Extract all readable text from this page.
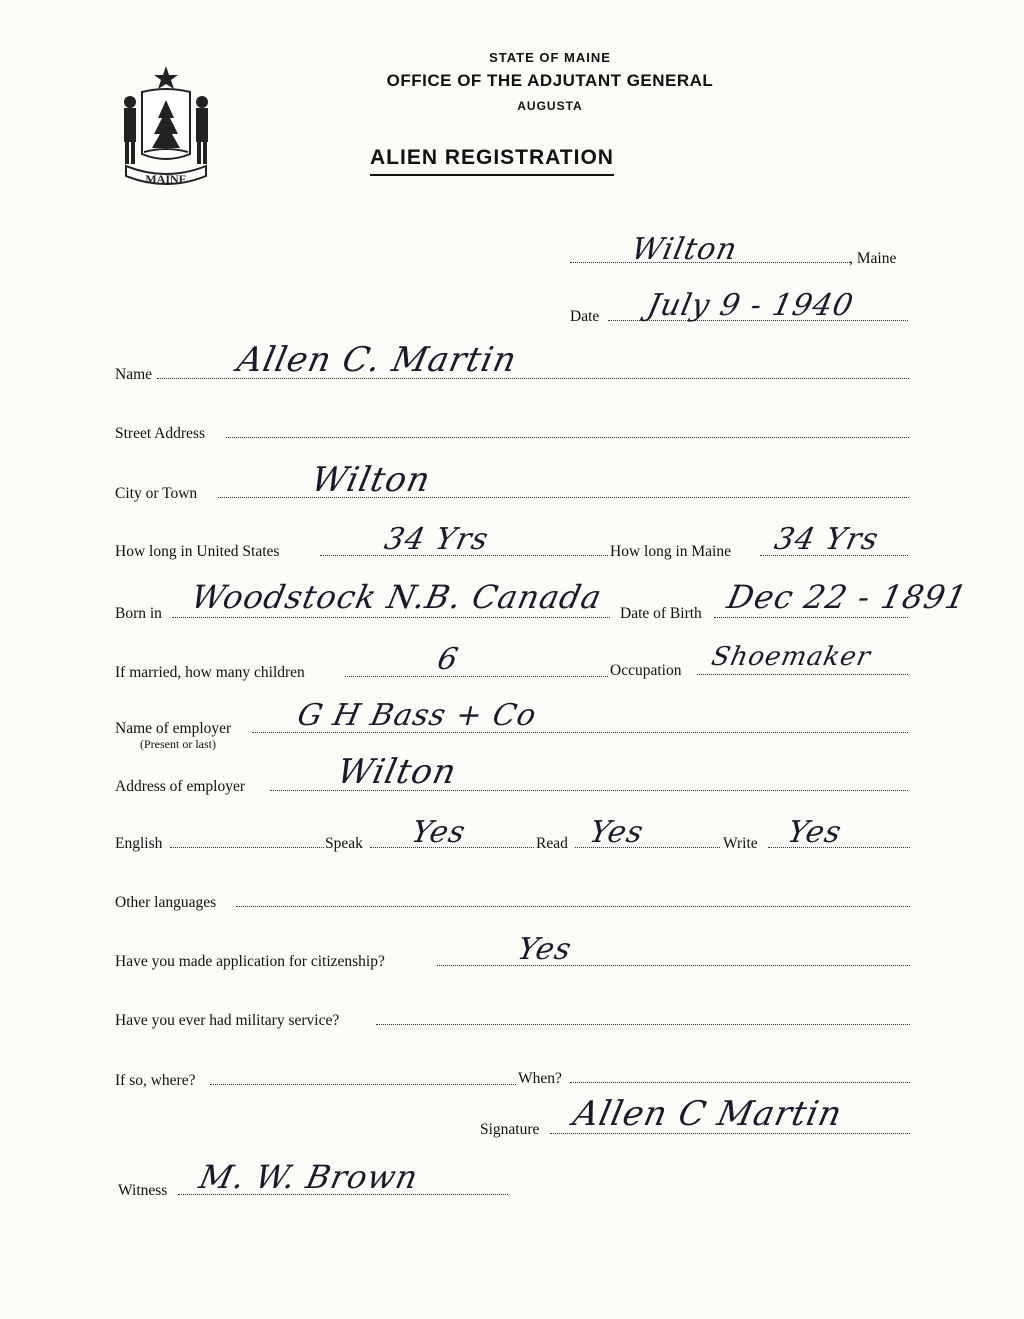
MAINE
STATE OF MAINE
OFFICE OF THE ADJUTANT GENERAL
AUGUSTA
ALIEN REGISTRATION
Wilton	, Maine
Date July 9 - 1940
Name Allen C. Martin
Street Address
City or Town	Wilton
How long in United States	34 Yrs	How long in Maine 34 Yrs
Born in Woodstock N.B. Canada Date of Birth Dec 22 - 1891
If married, how many children	6	Occupation Shoemaker
Name of employer
(Present or last)
G H Bass + Co
Address of employer	Wilton
English	Speak Yes	Read Yes	Write Yes
Other languages
Have you made application for citizenship?	Yes
Have you ever had military service?
If so, where?	When?
Signature Allen C Martin
Witness M. W. Brown
